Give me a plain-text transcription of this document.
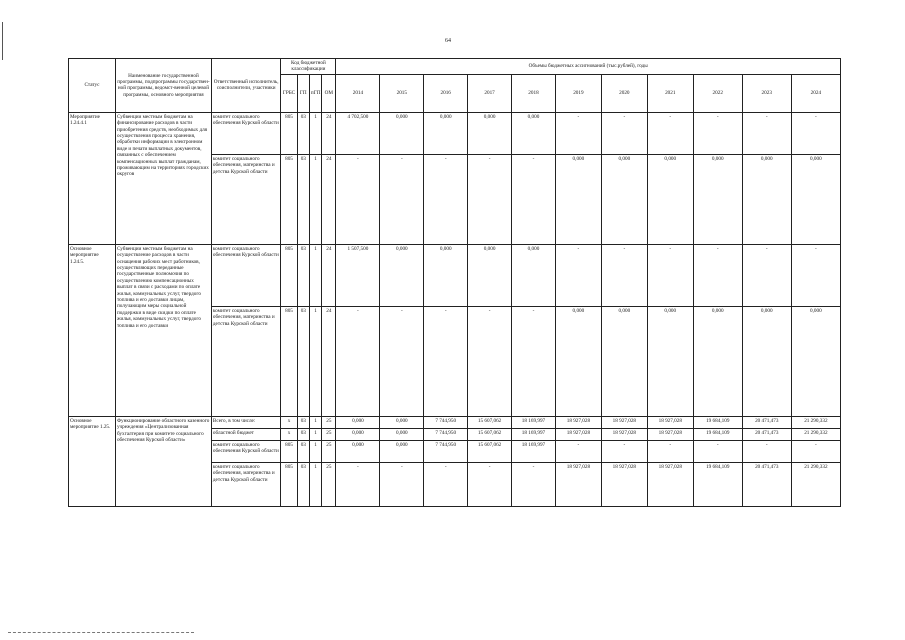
64
Статус	Наименование государственной программы, подпрограммы государствен-ной программы, ведомст-венной целевой программы, основного мероприятия	Ответственный исполнитель, соисполнители, участники	Код бюджетной классификации				Объемы бюджетных ассигнований (тыс.рублей), годы										
			ГРБС	ГП	пГП	ОМ	2014	2015	2016	2017	2018	2019	2020	2021	2022	2023	2024
Мероприятие 1.24.4.1	Субвенции местным бюджетам на финансирование расходов в части приобретения средств, необходимых для осуществления процесса хранения, обработки информации в электронном виде и печати выплатных документов, связанных с обеспечением компенсационных выплат гражданам, проживающим на территориях городских округов	комитет социального обеспечения Курской области	805	03	1	24	4 702,500	0,000	0,000	0,000	0,000	-	-	-	-	-	-
		комитет социального обеспечения, материнства и детства Курской области	805	03	1	24	-	-	-	-	-	0,000	0,000	0,000	0,000	0,000	0,000
Основное мероприятие 1.24.5.	Субвенции местным бюджетам на осуществление расходов в части оснащения рабочих мест работников, осуществляющих переданные государственные полномочия по осуществлению компенсационных выплат в связи с расходами по оплате жилья, коммунальных услуг, твердого топлива и его доставки лицам, получающим меры социальной поддержки в виде скидки по оплате жилья, коммунальных услуг, твердого топлива и его доставки	комитет социального обеспечения Курской области	805	03	1	24	1 507,500	0,000	0,000	0,000	0,000	-	-	-	-	-	-
		комитет социального обеспечения, материнства и детства Курской области	805	03	1	24	-	-	-	-	-	0,000	0,000	0,000	0,000	0,000	0,000
Основное мероприятие 1.25.	Функционирование областного казенного учреждения «Централизованная бухгалтерия при комитете социального обеспечения Курской области»	Всего, в том числе:	х	03	1	25	0,000	0,000	7 744,950	15 607,062	18 169,997	18 927,028	18 927,028	18 927,028	19 684,109	20 471,473	21 290,332
		областной бюджет	х	03	1	25	0,000	0,000	7 744,950	15 607,062	18 169,997	18 927,028	18 927,028	18 927,028	19 684,109	20 471,473	21 290,332
		комитет социального обеспечения Курской области	805	03	1	25	0,000	0,000	7 744,950	15 607,062	18 169,997	-	-	-	-	-	-
		комитет социального обеспечения, материнства и детства Курской области	805	03	1	25	-	-	-	-	-	18 927,028	18 927,028	18 927,028	19 684,109	20 471,473	21 290,332
